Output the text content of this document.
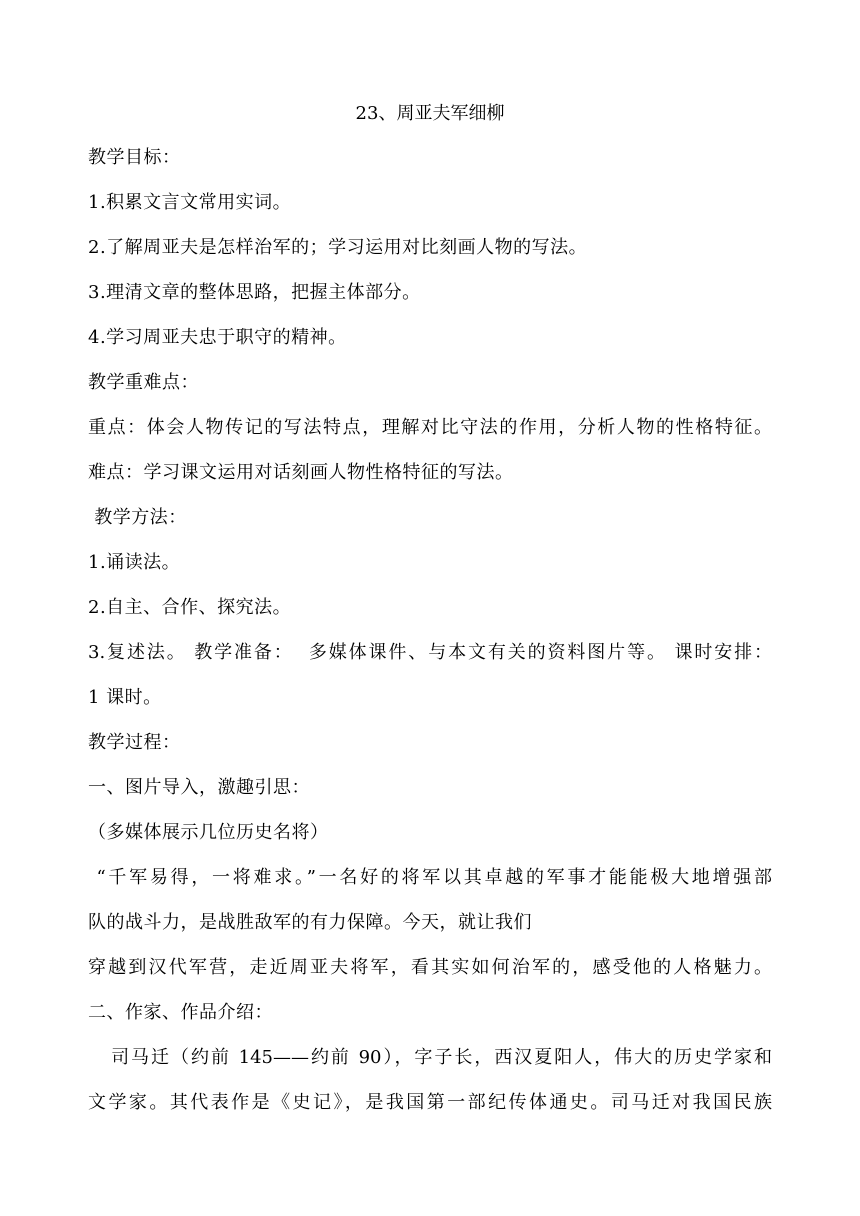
23、周亚夫军细柳
教学目标：
1.积累文言文常用实词。
2.了解周亚夫是怎样治军的；学习运用对比刻画人物的写法。
3.理清文章的整体思路，把握主体部分。
4.学习周亚夫忠于职守的精神。
教学重难点：
重点：体会人物传记的写法特点，理解对比守法的作用，分析人物的性格特征。
难点：学习课文运用对话刻画人物性格特征的写法。
教学方法：
1.诵读法。
2.自主、合作、探究法。
3.复述法。 教学准备：  多媒体课件、与本文有关的资料图片等。 课时安排：
1 课时。
教学过程：
一、图片导入，激趣引思：
（多媒体展示几位历史名将）
“千军易得，一将难求。”一名好的将军以其卓越的军事才能能极大地增强部
队的战斗力，是战胜敌军的有力保障。今天，就让我们
穿越到汉代军营，走近周亚夫将军，看其实如何治军的，感受他的人格魅力。
二、作家、作品介绍：
司马迁（约前 145——约前 90），字子长，西汉夏阳人，伟大的历史学家和
文学家。其代表作是《史记》，是我国第一部纪传体通史。司马迁对我国民族
